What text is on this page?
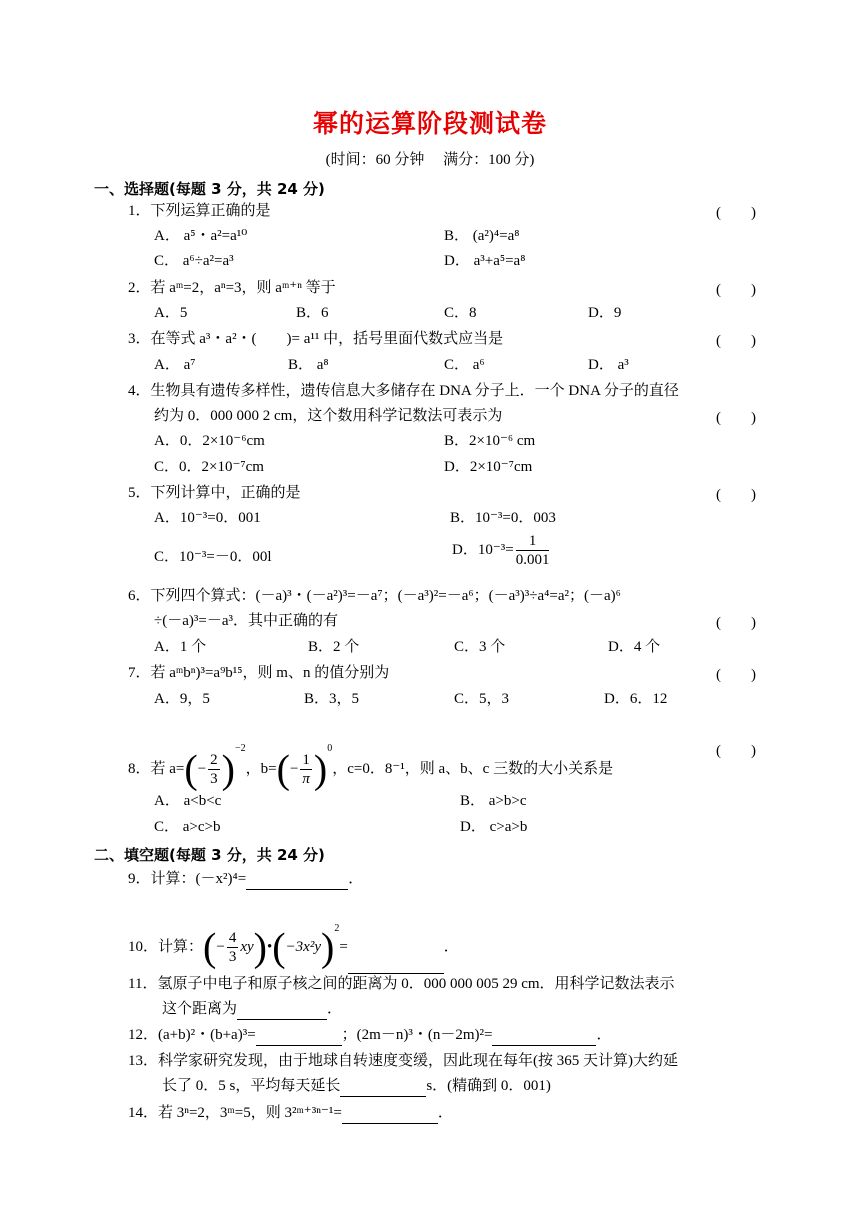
幂的运算阶段测试卷
(时间：60 分钟　 满分：100 分)
一、选择题(每题 3 分，共 24 分)
1．下列运算正确的是	(　　)
A． a⁵・a²=a¹⁰	B． (a²)⁴=a⁸
C． a⁶÷a²=a³	D． a³+a⁵=a⁸
2．若 aᵐ=2，aⁿ=3，则 aᵐ⁺ⁿ 等于	(　　)
A．5	B．6	C．8	D．9
3．在等式 a³・a²・(　　)= a¹¹ 中，括号里面代数式应当是	(　　)
A． a⁷	B． a⁸	C． a⁶	D． a³
4．生物具有遗传多样性，遗传信息大多储存在 DNA 分子上．一个 DNA 分子的直径
约为 0．000 000 2 cm，这个数用科学记数法可表示为	(　　)
A．0．2×10⁻⁶cm	B．2×10⁻⁶ cm
C．0．2×10⁻⁷cm	D．2×10⁻⁷cm
5．下列计算中，正确的是	(　　)
A．10⁻³=0．001	B．10⁻³=0．003
C．10⁻³=－0．00l	D．$10^{-3}= \frac{1}{0.001}$
6．下列四个算式：(－a)³・(－a²)³=－a⁷；(－a³)²=－a⁶；(－a³)³÷a⁴=a²；(－a)⁶
÷(－a)³=－a³．其中正确的有	(　　)
A．1 个	B．2 个	C．3 个	D．4 个
7．若 aᵐbⁿ)³=a⁹b¹⁵，则 m、n 的值分别为	(　　)
A．9，5	B．3，5	C．5，3	D．6．12
8．若 $a=(- \frac{2}{3} )^{-2}$，$b=(- \frac{1}{\pi} )^0$，c=0．8⁻¹，则 a、b、c 三数的大小关系是
(　　)
A． a<b<c	B． a>b>c
C． a>c>b	D． c>a>b
二、填空题(每题 3 分，共 24 分)
9．计算：(－x²)⁴=	．
10．计算：(− $\frac{4}{3}$ $xy)•(-3x^2y)^2=$	．
11．氢原子中电子和原子核之间的距离为 0．000 000 005 29 cm．用科学记数法表示
这个距离为	．
12．(a+b)²・(b+a)³=	；(2m－n)³・(n－2m)²=	．
13．科学家研究发现，由于地球自转速度变缓，因此现在每年(按 365 天计算)大约延
长了 0．5 s，平均每天延长	s．(精确到 0．001)
14．若 3ⁿ=2，3ᵐ=5，则 3²ᵐ⁺³ⁿ⁻¹=	．
